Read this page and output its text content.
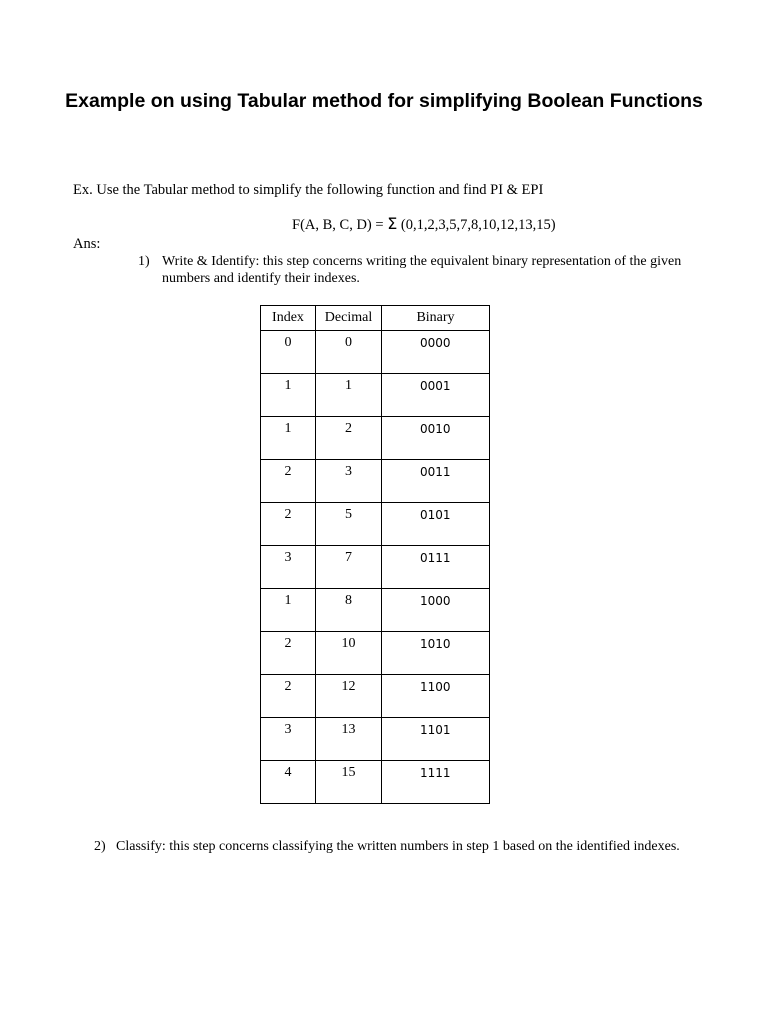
Example on using Tabular method for simplifying Boolean Functions
Ex. Use the Tabular method to simplify the following function and find PI & EPI
F(A, B, C, D) = Σ (0,1,2,3,5,7,8,10,12,13,15)
Ans:
1) Write & Identify: this step concerns writing the equivalent binary representation of the given numbers and identify their indexes.
Index	Decimal	Binary
0	0	0000
1	1	0001
1	2	0010
2	3	0011
2	5	0101
3	7	0111
1	8	1000
2	10	1010
2	12	1100
3	13	1101
4	15	1111
2) Classify: this step concerns classifying the written numbers in step 1 based on the identified indexes.
